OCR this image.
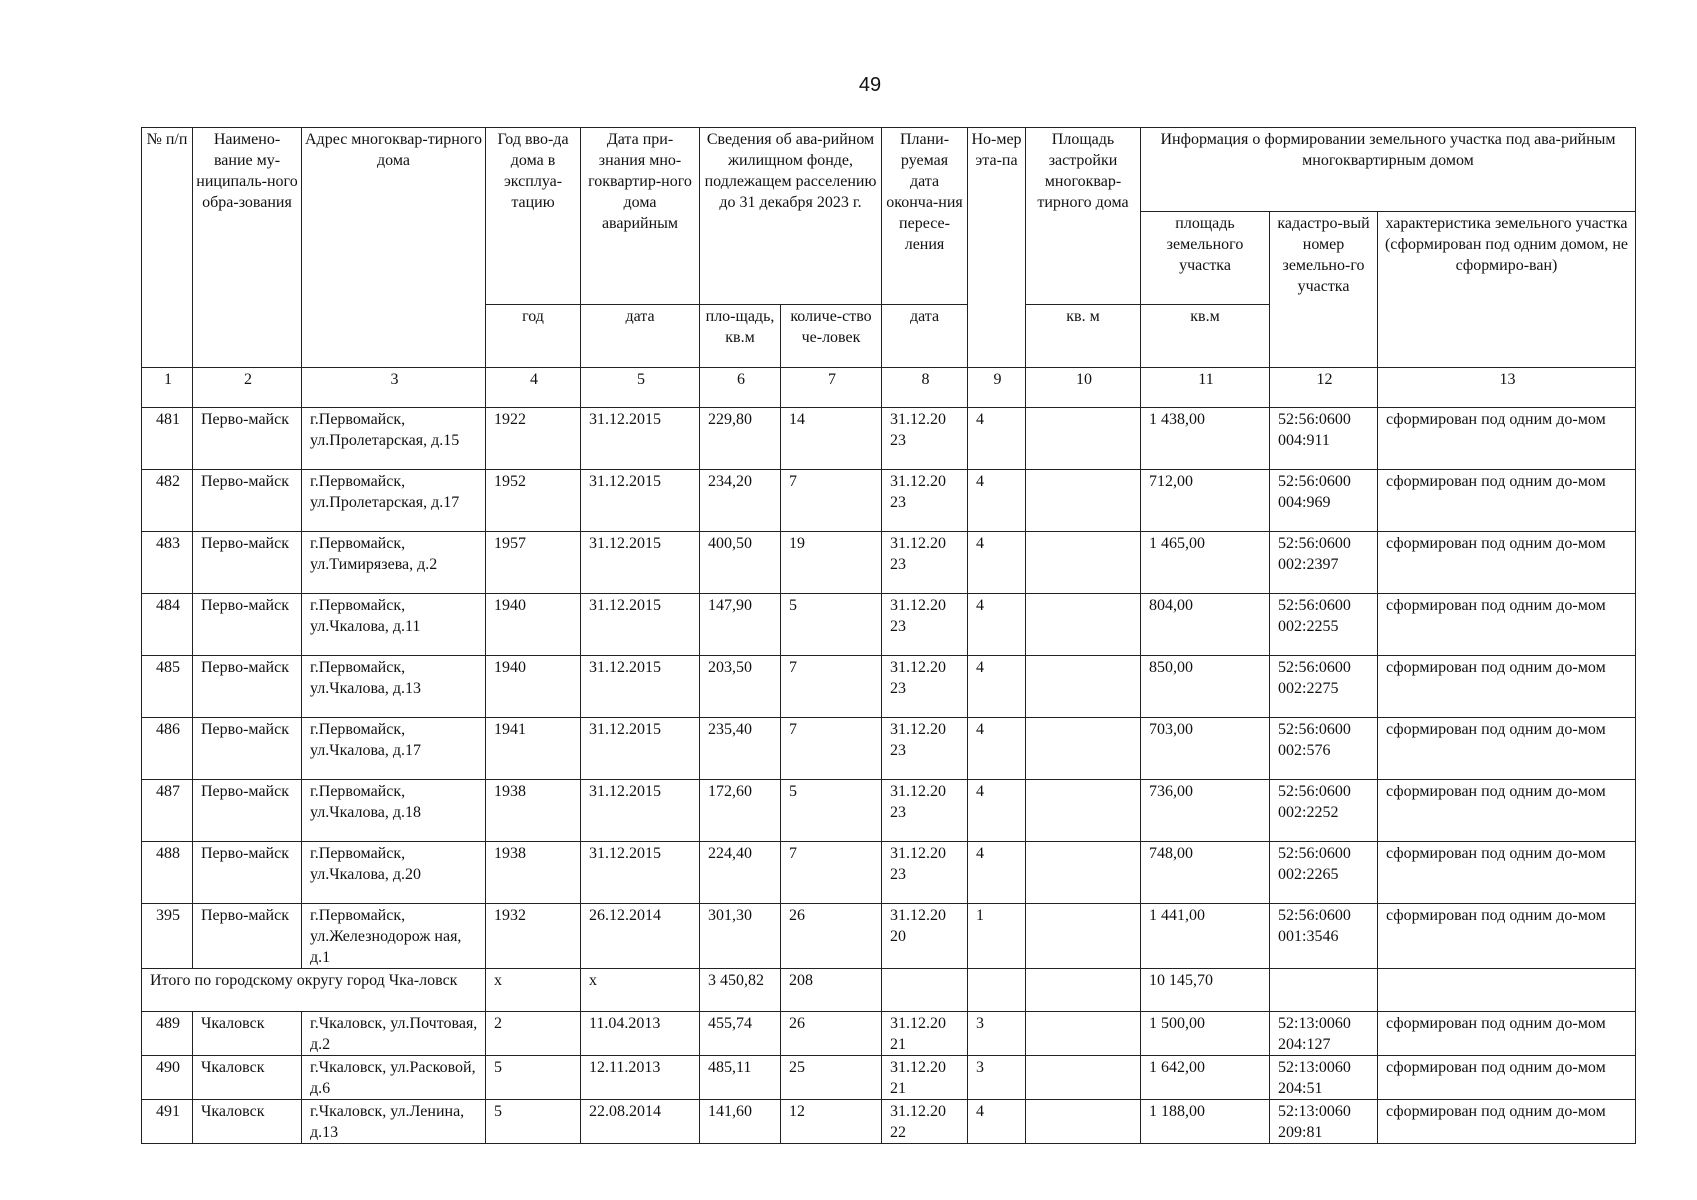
49
№ п/п	Наимено-вание му-ниципаль-ного обра-зования	Адрес многоквар-тирного дома	Год вво-да дома в эксплуа-тацию	Дата при-знания мно-гоквартир-ного дома аварийным	Сведения об ава-рийном жилищном фонде, подлежащем расселению до 31 декабря 2023 г.		Плани-руемая дата оконча-ния пересе-ления	Но-мер эта-па	Площадь застройки многоквар-тирного дома	Информация о формировании земельного участка под ава-рийным многоквартирным домом		
										площадь земельного участка	кадастро-вый номер земельно-го участка	характеристика земельного участка (сформирован под одним домом, не сформиро-ван)
			год	дата	пло-щадь, кв.м	количе-ство че-ловек	дата		кв. м	кв.м		
1	2	3	4	5	6	7	8	9	10	11	12	13
481	Перво-майск	г.Первомайск, ул.Пролетарская, д.15	1922	31.12.2015	229,80	14	31.12.20 23	4		1 438,00	52:56:0600 004:911	сформирован под одним до-мом
482	Перво-майск	г.Первомайск, ул.Пролетарская, д.17	1952	31.12.2015	234,20	7	31.12.20 23	4		712,00	52:56:0600 004:969	сформирован под одним до-мом
483	Перво-майск	г.Первомайск, ул.Тимирязева, д.2	1957	31.12.2015	400,50	19	31.12.20 23	4		1 465,00	52:56:0600 002:2397	сформирован под одним до-мом
484	Перво-майск	г.Первомайск, ул.Чкалова, д.11	1940	31.12.2015	147,90	5	31.12.20 23	4		804,00	52:56:0600 002:2255	сформирован под одним до-мом
485	Перво-майск	г.Первомайск, ул.Чкалова, д.13	1940	31.12.2015	203,50	7	31.12.20 23	4		850,00	52:56:0600 002:2275	сформирован под одним до-мом
486	Перво-майск	г.Первомайск, ул.Чкалова, д.17	1941	31.12.2015	235,40	7	31.12.20 23	4		703,00	52:56:0600 002:576	сформирован под одним до-мом
487	Перво-майск	г.Первомайск, ул.Чкалова, д.18	1938	31.12.2015	172,60	5	31.12.20 23	4		736,00	52:56:0600 002:2252	сформирован под одним до-мом
488	Перво-майск	г.Первомайск, ул.Чкалова, д.20	1938	31.12.2015	224,40	7	31.12.20 23	4		748,00	52:56:0600 002:2265	сформирован под одним до-мом
395	Перво-майск	г.Первомайск, ул.Железнодорож ная, д.1	1932	26.12.2014	301,30	26	31.12.20 20	1		1 441,00	52:56:0600 001:3546	сформирован под одним до-мом
Итого по городскому округу город Чка-ловск			х	х	3 450,82	208				10 145,70		
489	Чкаловск	г.Чкаловск, ул.Почтовая, д.2	2	11.04.2013	455,74	26	31.12.20 21	3		1 500,00	52:13:0060 204:127	сформирован под одним до-мом
490	Чкаловск	г.Чкаловск, ул.Расковой, д.6	5	12.11.2013	485,11	25	31.12.20 21	3		1 642,00	52:13:0060 204:51	сформирован под одним до-мом
491	Чкаловск	г.Чкаловск, ул.Ленина, д.13	5	22.08.2014	141,60	12	31.12.20 22	4		1 188,00	52:13:0060 209:81	сформирован под одним до-мом
